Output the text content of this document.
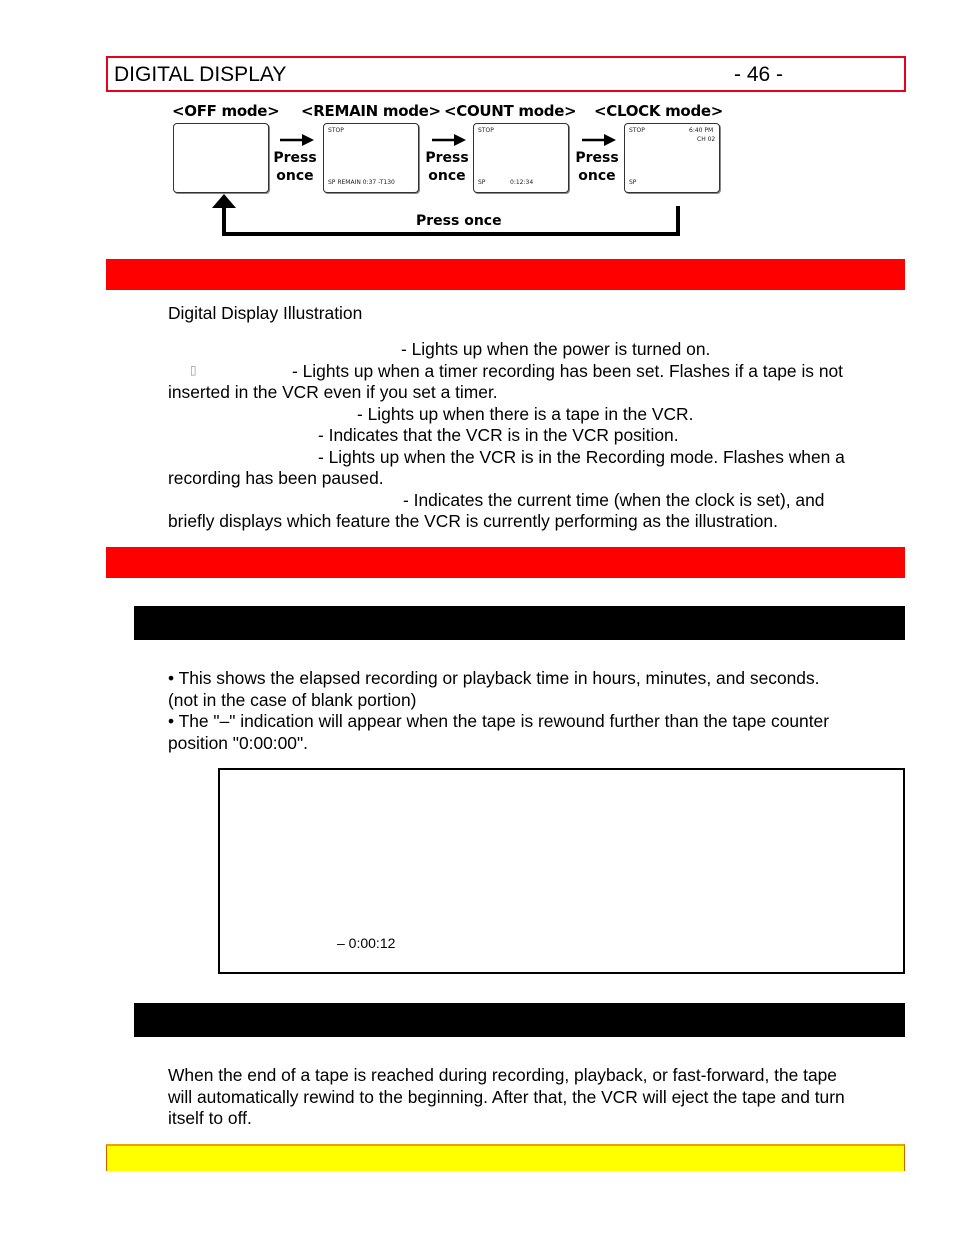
DIGITAL DISPLAY	- 46 -
<OFF mode> <REMAIN mode> <COUNT mode> <CLOCK mode>
Press
once
STOP
SP REMAIN 0:37 -T130
Press
once
STOP
SP	0:12:34
Press
once
STOP	6:40 PM
CH 02
SP
Press once
Digital Display Illustration
- Lights up when the power is turned on.
▯	- Lights up when a timer recording has been set. Flashes if a tape is not
inserted in the VCR even if you set a timer.
- Lights up when there is a tape in the VCR.
- Indicates that the VCR is in the VCR position.
- Lights up when the VCR is in the Recording mode. Flashes when a
recording has been paused.
- Indicates the current time (when the clock is set), and
briefly displays which feature the VCR is currently performing as the illustration.
• This shows the elapsed recording or playback time in hours, minutes, and seconds.
(not in the case of blank portion)
• The "–" indication will appear when the tape is rewound further than the tape counter
position "0:00:00".
– 0:00:12
When the end of a tape is reached during recording, playback, or fast-forward, the tape
will automatically rewind to the beginning. After that, the VCR will eject the tape and turn
itself to off.
